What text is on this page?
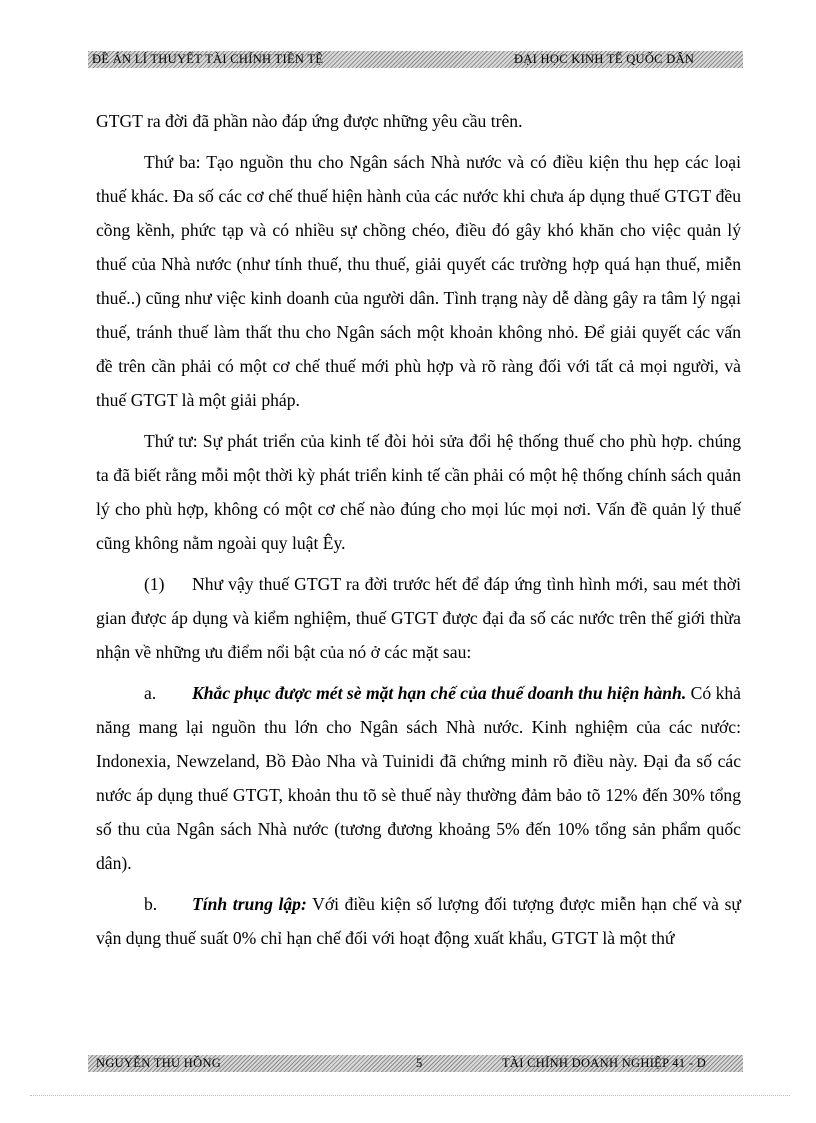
ĐỀ ÁN LÍ THUYẾT TÀI CHÍNH TIỀN TỆ	ĐẠI HỌC KINH TẾ QUỐC DÂN

GTGT ra đời đã phần nào đáp ứng được những yêu cầu trên.

Thứ ba: Tạo nguồn thu cho Ngân sách Nhà nước và có điều kiện thu hẹp các loại thuế khác. Đa số các cơ chế thuế hiện hành của các nước khi chưa áp dụng thuế GTGT đều cồng kềnh, phức tạp và có nhiều sự chồng chéo, điều đó gây khó khăn cho việc quản lý thuế của Nhà nước (như tính thuế, thu thuế, giải quyết các trường hợp quá hạn thuế, miễn thuế..) cũng như việc kinh doanh của người dân. Tình trạng này dễ dàng gây ra tâm lý ngại thuế, tránh thuế làm thất thu cho Ngân sách một khoản không nhỏ. Để giải quyết các vấn đề trên cần phải có một cơ chế thuế mới phù hợp và rõ ràng đối với tất cả mọi người, và thuế GTGT là một giải pháp.

Thứ tư: Sự phát triển của kinh tế đòi hỏi sửa đổi hệ thống thuế cho phù hợp. chúng ta đã biết rằng mỗi một thời kỳ phát triển kinh tế cần phải có một hệ thống chính sách quản lý cho phù hợp, không có một cơ chế nào đúng cho mọi lúc mọi nơi. Vấn đề quản lý thuế cũng không nằm ngoài quy luật Êy.

(1) Như vậy thuế GTGT ra đời trước hết để đáp ứng tình hình mới, sau mét thời gian được áp dụng và kiểm nghiệm, thuế GTGT được đại đa số các nước trên thế giới thừa nhận về những ưu điểm nổi bật của nó ở các mặt sau:

a. Khắc phục được mét sè mặt hạn chế của thuế doanh thu hiện hành. Có khả năng mang lại nguồn thu lớn cho Ngân sách Nhà nước. Kinh nghiệm của các nước: Indonexia, Newzeland, Bồ Đào Nha và Tuinidi đã chứng minh rõ điều này. Đại đa số các nước áp dụng thuế GTGT, khoản thu tõ sè thuế này thường đảm bảo tõ 12% đến 30% tổng số thu của Ngân sách Nhà nước (tương đương khoảng 5% đến 10% tổng sản phẩm quốc dân).

b. Tính trung lập: Với điều kiện số lượng đối tượng được miễn hạn chế và sự vận dụng thuế suất 0% chỉ hạn chế đối với hoạt động xuất khẩu, GTGT là một thứ

NGUYỄN THU HỒNG	5	TÀI CHÍNH DOANH NGHIỆP 41 - D
